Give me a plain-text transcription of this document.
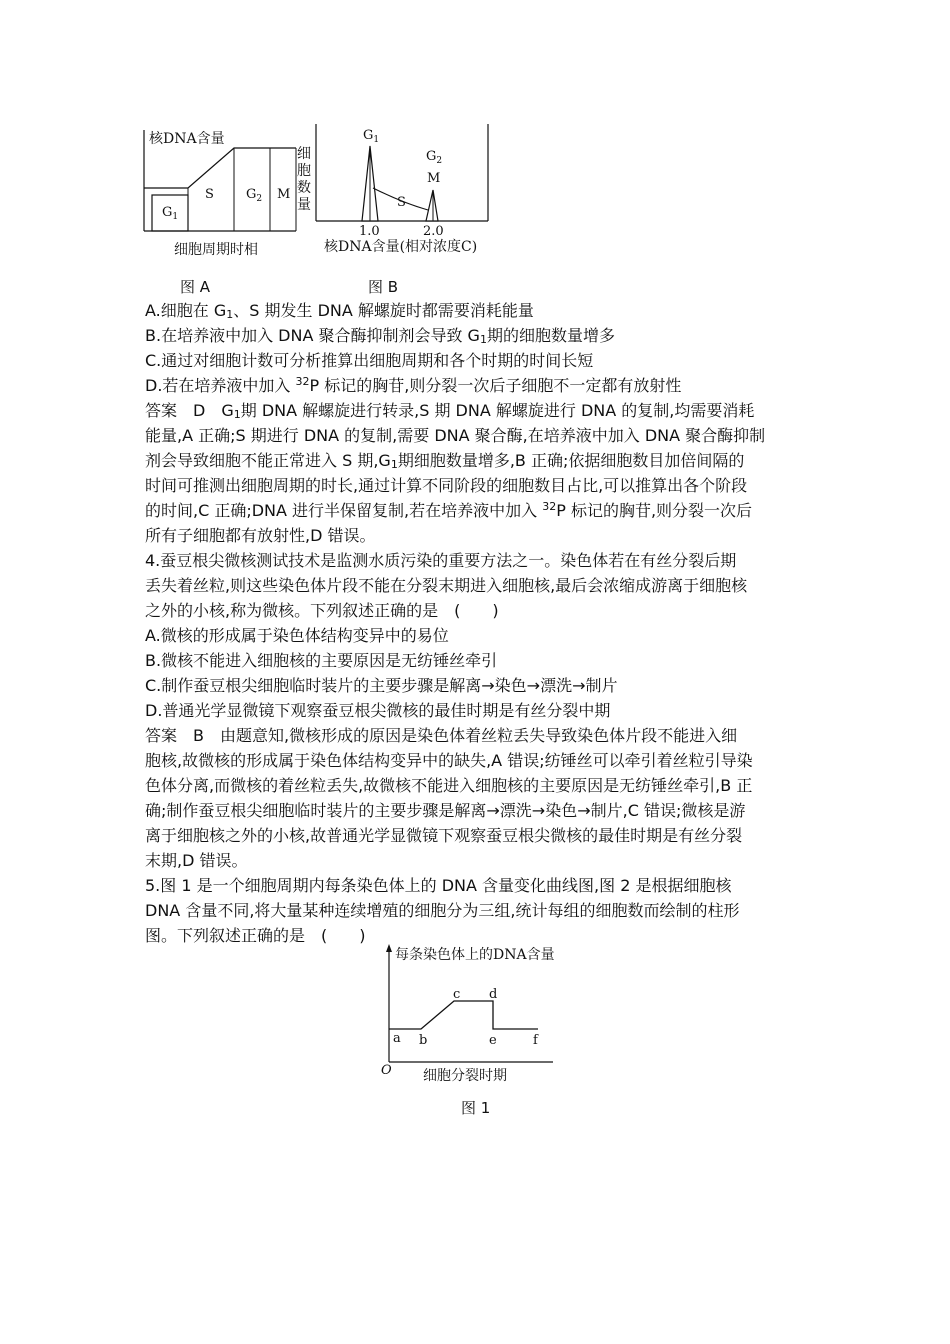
核DNA含量
$G_1$
S $G_2$ M
细胞周期时相
细 胞 数 量
$G_1$
$G_2$
M
S
1.0	2.0
核DNA含量(相对浓度C)
图 A	图 B
A.细胞在 $G_1$、S 期发生 DNA 解螺旋时都需要消耗能量
B.在培养液中加入 DNA 聚合酶抑制剂会导致 $G_1$期的细胞数量增多
C.通过对细胞计数可分析推算出细胞周期和各个时期的时间长短
D.若在培养液中加入 $^{32}$P 标记的胸苷,则分裂一次后子细胞不一定都有放射性
答案　D　$G_1$期 DNA 解螺旋进行转录,S 期 DNA 解螺旋进行 DNA 的复制,均需要消耗
能量,A 正确;S 期进行 DNA 的复制,需要 DNA 聚合酶,在培养液中加入 DNA 聚合酶抑制
剂会导致细胞不能正常进入 S 期$,G_1$期细胞数量增多,B 正确;依据细胞数目加倍间隔的
时间可推测出细胞周期的时长,通过计算不同阶段的细胞数目占比,可以推算出各个阶段
的时间,C 正确;DNA 进行半保留复制,若在培养液中加入 $^{32}$P 标记的胸苷,则分裂一次后
所有子细胞都有放射性,D 错误。
4.蚕豆根尖微核测试技术是监测水质污染的重要方法之一。染色体若在有丝分裂后期
丢失着丝粒,则这些染色体片段不能在分裂末期进入细胞核,最后会浓缩成游离于细胞核
之外的小核,称为微核。下列叙述正确的是　(　　)
A.微核的形成属于染色体结构变异中的易位
B.微核不能进入细胞核的主要原因是无纺锤丝牵引
C.制作蚕豆根尖细胞临时装片的主要步骤是解离→染色→漂洗→制片
D.普通光学显微镜下观察蚕豆根尖微核的最佳时期是有丝分裂中期
答案　B　由题意知,微核形成的原因是染色体着丝粒丢失导致染色体片段不能进入细
胞核,故微核的形成属于染色体结构变异中的缺失,A 错误;纺锤丝可以牵引着丝粒引导染
色体分离,而微核的着丝粒丢失,故微核不能进入细胞核的主要原因是无纺锤丝牵引,B 正
确;制作蚕豆根尖细胞临时装片的主要步骤是解离→漂洗→染色→制片,C 错误;微核是游
离于细胞核之外的小核,故普通光学显微镜下观察蚕豆根尖微核的最佳时期是有丝分裂
末期,D 错误。
5.图 1 是一个细胞周期内每条染色体上的 DNA 含量变化曲线图,图 2 是根据细胞核
DNA 含量不同,将大量某种连续增殖的细胞分为三组,统计每组的细胞数而绘制的柱形
图。下列叙述正确的是　(　　)
每条染色体上的DNA含量
O
a b
c d
e	f
细胞分裂时期
图 1
